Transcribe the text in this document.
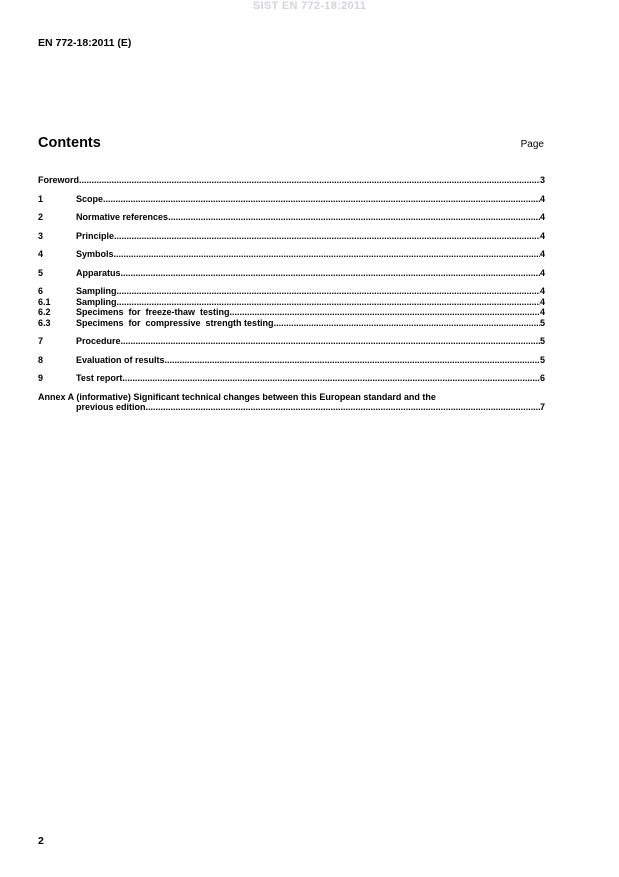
SIST EN 772-18:2011
EN 772-18:2011 (E)
Contents	Page
Foreword .....	3
1	Scope .....	4
2	Normative references .....	4
3	Principle .....	4
4	Symbols .....	4
5	Apparatus .....	4
6	Sampling .....	4
6.1	Sampling .....	4
6.2	Specimens  for  freeze-thaw  testing .....	4
6.3	Specimens  for  compressive  strength testing .....	5
7	Procedure .....	5
8	Evaluation of results .....	5
9	Test report .....	6
Annex A (informative) Significant technical changes between this European standard and the
previous edition .....	7
2
